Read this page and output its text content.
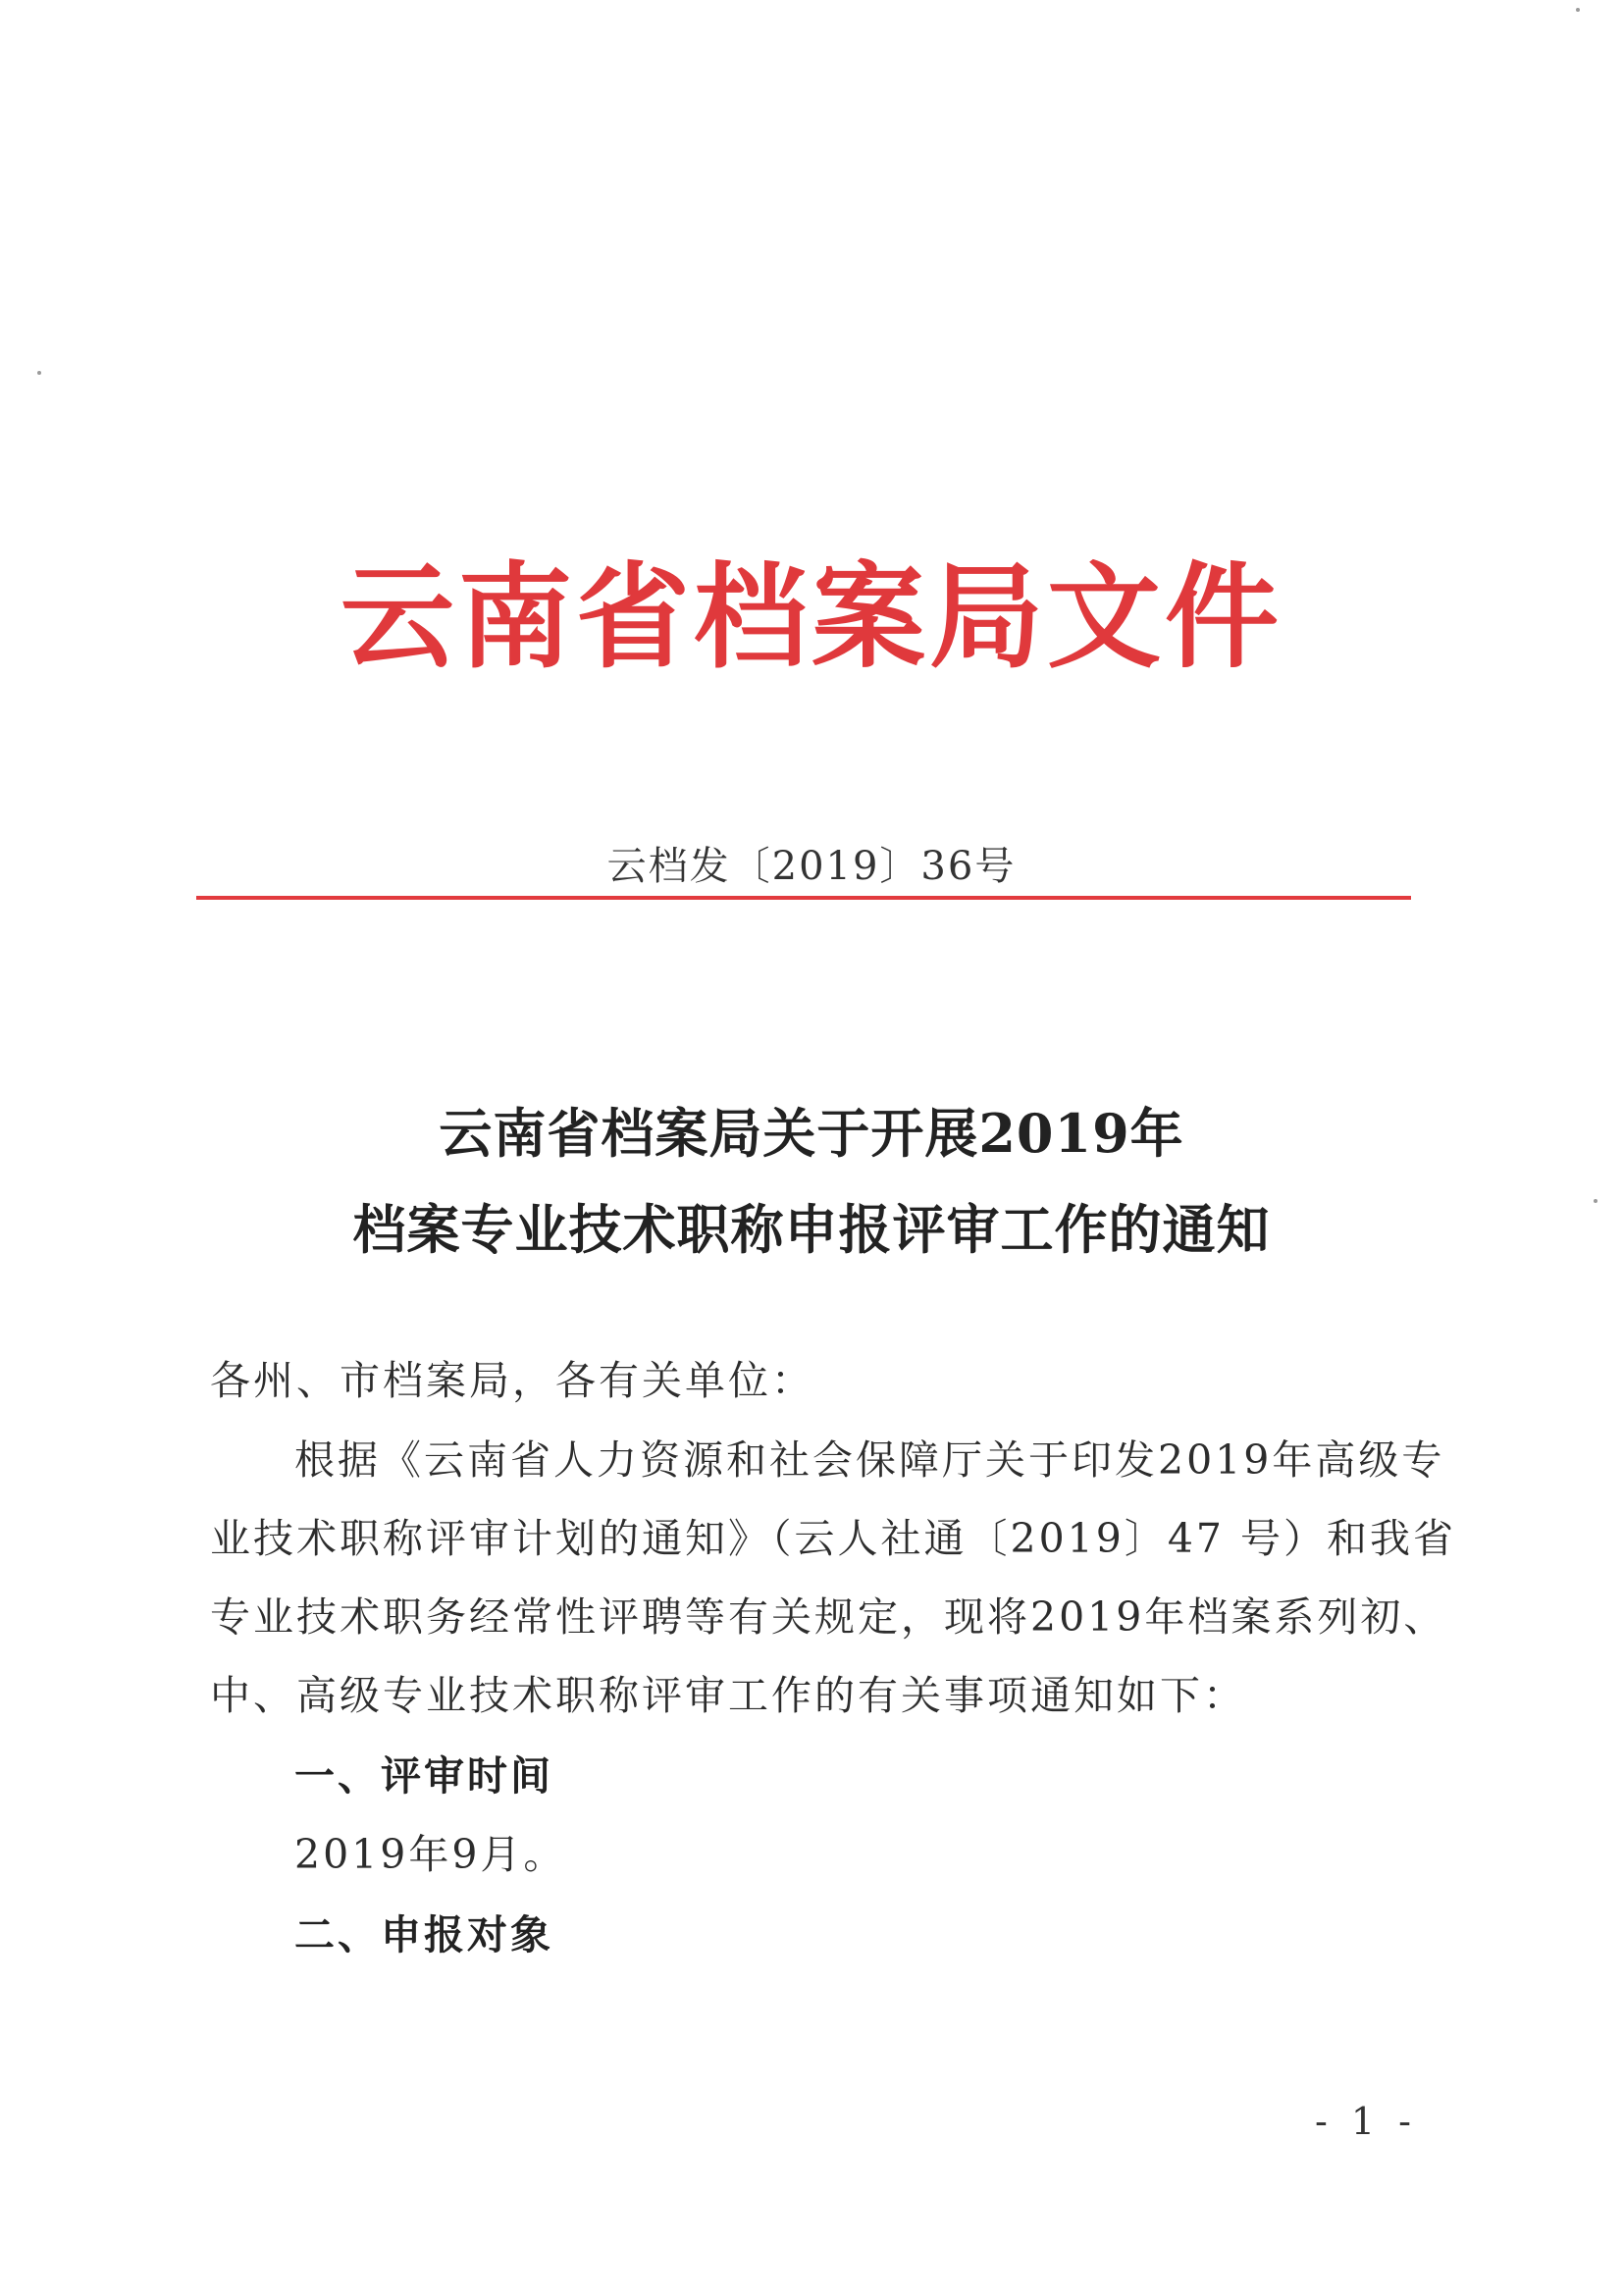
云南省档案局文件
云档发〔2019〕36号
云南省档案局关于开展2019年
档案专业技术职称申报评审工作的通知
各州、市档案局，各有关单位：
根据《云南省人力资源和社会保障厅关于印发2019年高级专
业技术职称评审计划的通知》（云人社通〔2019〕47 号）和我省
专业技术职务经常性评聘等有关规定，现将2019年档案系列初、
中、高级专业技术职称评审工作的有关事项通知如下：
一、评审时间
2019年9月。
二、申报对象
- 1 -
